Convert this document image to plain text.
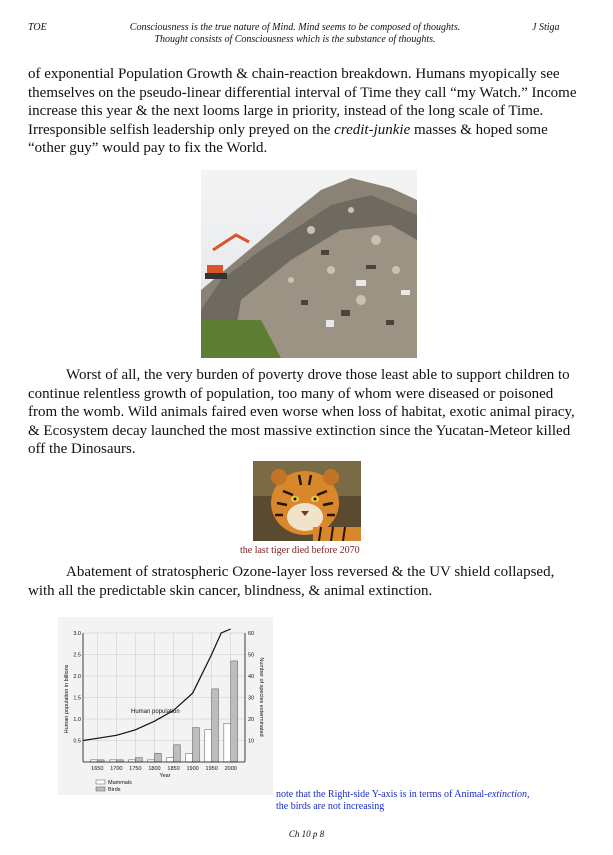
TOE	Consciousness is the true nature of Mind. Mind seems to be composed of thoughts.
Thought consists of Consciousness which is the substance of thoughts.
J Stiga

of exponential Population Growth & chain-reaction breakdown. Humans myopically see themselves on the pseudo-linear differential interval of Time they call “my Watch.” Income increase this year & the next looms large in priority, instead of the long scale of Time. Irresponsible selfish leadership only preyed on the credit-junkie masses & hoped some “other guy” would pay to fix the World.

Worst of all, the very burden of poverty drove those least able to support children to continue relentless growth of population, too many of whom were diseased or poisoned from the womb. Wild animals faired even worse when loss of habitat, exotic animal piracy, & Ecosystem decay launched the most massive extinction since the Yucatan-Meteor killed off the Dinosaurs.

the last tiger died before 2070

Abatement of stratospheric Ozone-layer loss reversed & the UV shield collapsed, with all the predictable skin cancer, blindness, & animal extinction.

0.5
1.0
1.5
2.0
2.5
3.0
10
20
30
40
50
60
1650 1700 1750 1800 1850 1900 1950 2000
Human population
Year
Human population in billions	Number of species exterminated
Mammals
Birds	note that the Right-side Y-axis is in terms of Animal-extinction,
the birds are not increasing
Ch 10 p 8
